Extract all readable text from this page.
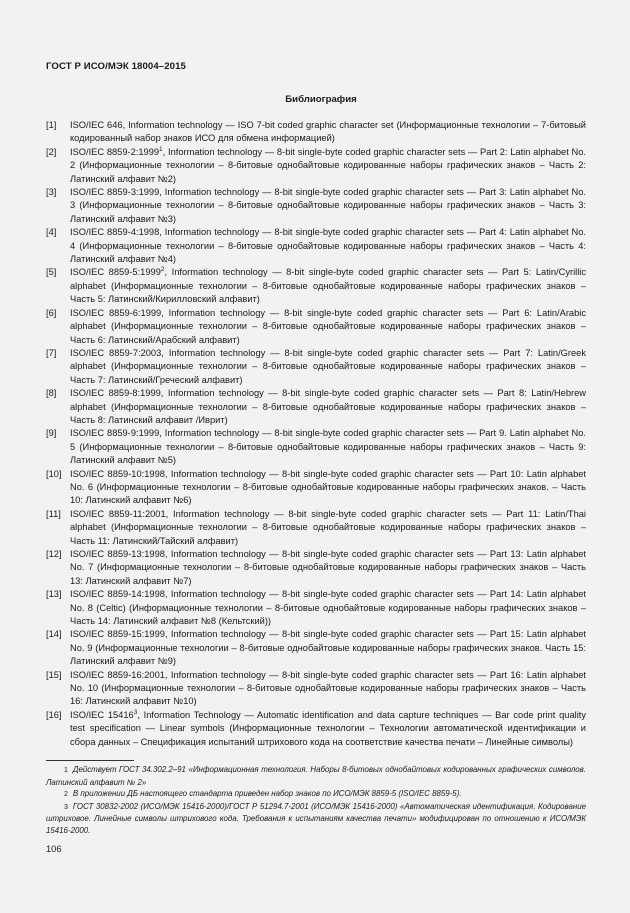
ГОСТ Р ИСО/МЭК 18004–2015
Библиография
[1] ISO/IEC 646, Information technology — ISO 7-bit coded graphic character set (Информационные технологии – 7-битовый кодированный набор знаков ИСО для обмена информацией)
[2] ISO/IEC 8859-2:1999$^1$, Information technology — 8-bit single-byte coded graphic character sets — Part 2: Latin alphabet No. 2 (Информационные технологии – 8-битовые однобайтовые кодированные наборы графических знаков – Часть 2: Латинский алфавит №2)
[3] ISO/IEC 8859-3:1999, Information technology — 8-bit single-byte coded graphic character sets — Part 3: Latin alphabet No. 3 (Информационные технологии – 8-битовые однобайтовые кодированные наборы графических знаков – Часть 3: Латинский алфавит №3)
[4] ISO/IEC 8859-4:1998, Information technology — 8-bit single-byte coded graphic character sets — Part 4: Latin alphabet No. 4 (Информационные технологии – 8-битовые однобайтовые кодированные наборы графических знаков – Часть 4: Латинский алфавит №4)
[5] ISO/IEC 8859-5:1999$^2$, Information technology — 8-bit single-byte coded graphic character sets — Part 5: Latin/Cyrillic alphabet (Информационные технологии – 8-битовые однобайтовые кодированные наборы графических знаков – Часть 5: Латинский/Кирилловский алфавит)
[6] ISO/IEC 8859-6:1999, Information technology — 8-bit single-byte coded graphic character sets — Part 6: Latin/Arabic alphabet (Информационные технологии – 8-битовые однобайтовые кодированные наборы графических знаков – Часть 6: Латинский/Арабский алфавит)
[7] ISO/IEC 8859-7:2003, Information technology — 8-bit single-byte coded graphic character sets — Part 7: Latin/Greek alphabet (Информационные технологии – 8-битовые однобайтовые кодированные наборы графических знаков – Часть 7: Латинский/Греческий алфавит)
[8] ISO/IEC 8859-8:1999, Information technology — 8-bit single-byte coded graphic character sets — Part 8: Latin/Hebrew alphabet (Информационные технологии – 8-битовые однобайтовые кодированные наборы графических знаков – Часть 8: Латинский алфавит /Иврит)
[9] ISO/IEC 8859-9:1999, Information technology — 8-bit single-byte coded graphic character sets — Part 9. Latin alphabet No. 5 (Информационные технологии – 8-битовые однобайтовые кодированные наборы графических знаков – Часть 9: Латинский алфавит №5)
[10] ISO/IEC 8859-10:1998, Information technology — 8-bit single-byte coded graphic character sets — Part 10: Latin alphabet No. 6 (Информационные технологии – 8-битовые однобайтовые кодированные наборы графических знаков. – Часть 10: Латинский алфавит №6)
[11] ISO/IEC 8859-11:2001, Information technology — 8-bit single-byte coded graphic character sets — Part 11: Latin/Thai alphabet (Информационные технологии – 8-битовые однобайтовые кодированные наборы графических знаков – Часть 11: Латинский/Тайский алфавит)
[12] ISO/IEC 8859-13:1998, Information technology — 8-bit single-byte coded graphic character sets — Part 13: Latin alphabet No. 7 (Информационные технологии – 8-битовые однобайтовые кодированные наборы графических знаков – Часть 13: Латинский алфавит №7)
[13] ISO/IEC 8859-14:1998, Information technology — 8-bit single-byte coded graphic character sets — Part 14: Latin alphabet No. 8 (Celtic) (Информационные технологии – 8-битовые однобайтовые кодированные наборы графических знаков – Часть 14: Латинский алфавит №8 (Кельтский))
[14] ISO/IEC 8859-15:1999, Information technology — 8-bit single-byte coded graphic character sets — Part 15: Latin alphabet No. 9 (Информационные технологии – 8-битовые однобайтовые кодированные наборы графических знаков. Часть 15: Латинский алфавит №9)
[15] ISO/IEC 8859-16:2001, Information technology — 8-bit single-byte coded graphic character sets — Part 16: Latin alphabet No. 10 (Информационные технологии – 8-битовые однобайтовые кодированные наборы графических знаков – Часть 16: Латинский алфавит №10)
[16] ISO/IEC 15416$^3$, Information Technology — Automatic identification and data capture techniques — Bar code print quality test specification — Linear symbols (Информационные технологии – Технологии автоматической идентификации и сбора данных – Спецификация испытаний штрихового кода на соответствие качества печати – Линейные символы)
1 Действует ГОСТ 34.302.2–91 «Информационная технология. Наборы 8-битовых однобайтовых кодированных графических символов. Латинский алфавит № 2»
2 В приложении ДБ настоящего стандарта приведен набор знаков по ИСО/МЭК 8859-5 (ISO/IEC 8859-5).
3 ГОСТ 30832-2002 (ИСО/МЭК 15416-2000)/ГОСТ Р 51294.7-2001 (ИСО/МЭК 15416-2000) «Автоматическая идентификация. Кодирование штриховое. Линейные символы штрихового кода. Требования к испытаниям качества печати» модифицирован по отношению к ИСО/МЭК 15416-2000.
106
